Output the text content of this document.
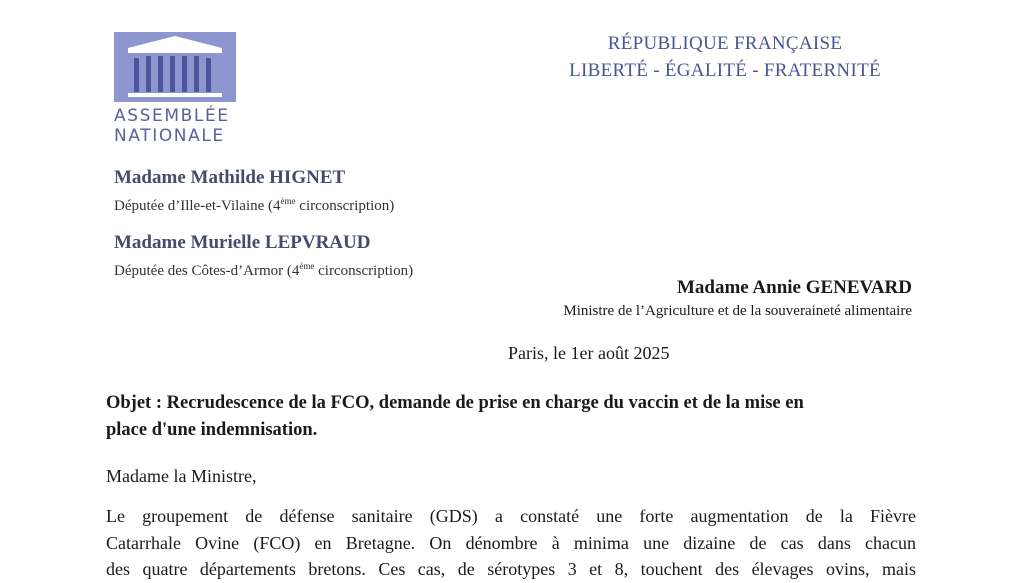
ASSEMBLÉE
NATIONALE
RÉPUBLIQUE FRANÇAISE
LIBERTÉ - ÉGALITÉ - FRATERNITÉ
Madame Mathilde HIGNET
Députée d’Ille-et-Vilaine (4ème circonscription)
Madame Murielle LEPVRAUD
Députée des Côtes-d’Armor (4ème circonscription)
Madame Annie GENEVARD
Ministre de l’Agriculture et de la souveraineté alimentaire
Paris, le 1er août 2025
Objet : Recrudescence de la FCO, demande de prise en charge du vaccin et de la mise en
place d'une indemnisation.
Madame la Ministre,
Le groupement de défense sanitaire (GDS) a constaté une forte augmentation de la Fièvre
Catarrhale Ovine (FCO) en Bretagne. On dénombre à minima une dizaine de cas dans chacun
des quatre départements bretons. Ces cas, de sérotypes 3 et 8, touchent des élevages ovins, mais
